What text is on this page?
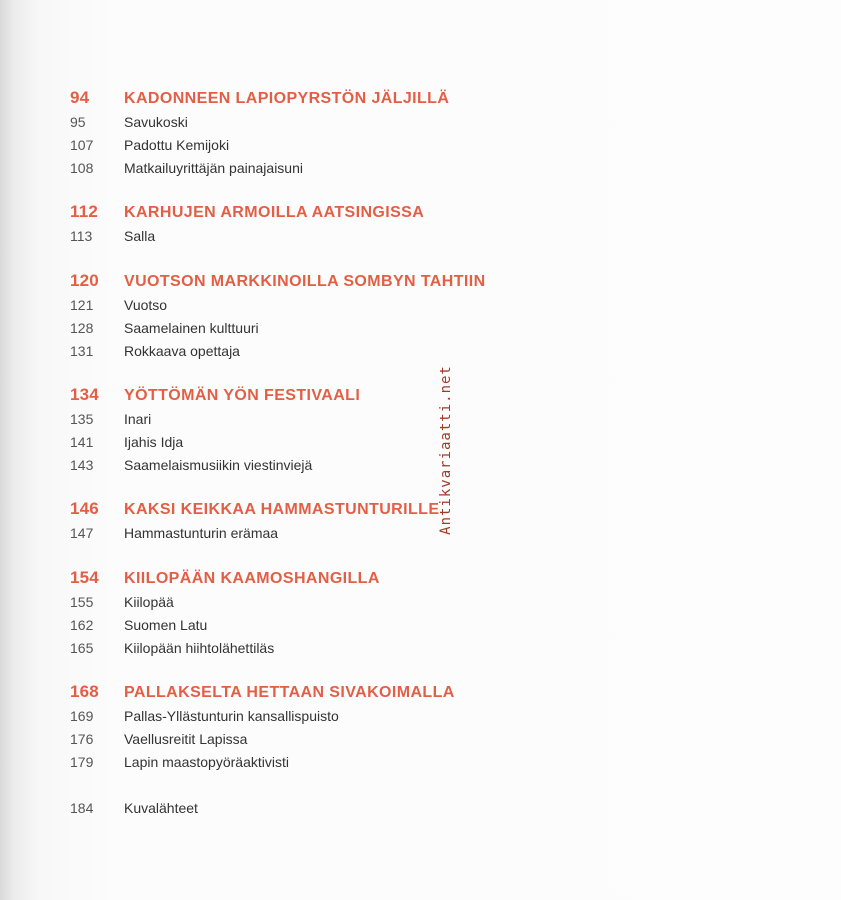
94 KADONNEEN LAPIOPYRSTÖN JÄLJILLÄ
95	Savukoski
107 Padottu Kemijoki
108 Matkailuyrittäjän painajaisuni
112 KARHUJEN ARMOILLA AATSINGISSA
113 Salla
120 VUOTSON MARKKINOILLA SOMBYN TAHTIIN
121 Vuotso
128 Saamelainen kulttuuri
131 Rokkaava opettaja
134 YÖTTÖMÄN YÖN FESTIVAALI
135 Inari
141 Ijahis Idja
143 Saamelaismusiikin viestinviejä
146 KAKSI KEIKKAA HAMMASTUNTURILLE
147 Hammastunturin erämaa
154 KIILOPÄÄN KAAMOSHANGILLA
155 Kiilopää
162 Suomen Latu
165 Kiilopään hiihtolähettiläs
168 PALLAKSELTA HETTAAN SIVAKOIMALLA
169 Pallas-Yllästunturin kansallispuisto
176 Vaellusreitit Lapissa
179 Lapin maastopyöräaktivisti
184 Kuvalähteet
Antikvariaatti.net
